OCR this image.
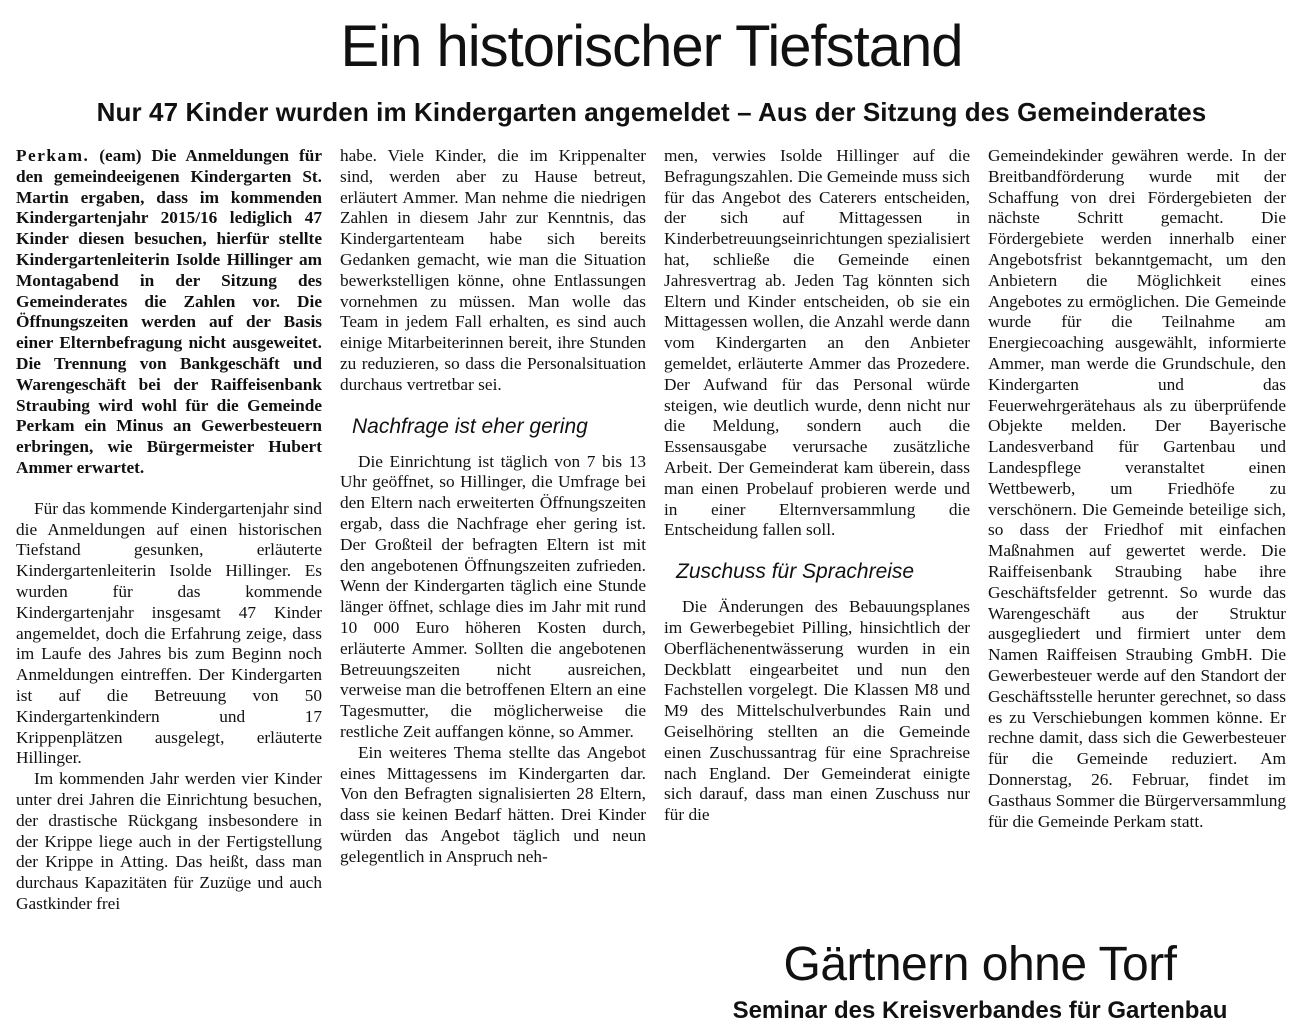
Ein historischer Tiefstand
Nur 47 Kinder wurden im Kindergarten angemeldet – Aus der Sitzung des Gemeinderates

Perkam. (eam) Die Anmeldungen für den gemeindeeigenen Kindergarten St. Martin ergaben, dass im kommenden Kindergartenjahr 2015/16 lediglich 47 Kinder diesen besuchen, hierfür stellte Kindergartenleiterin Isolde Hillinger am Montagabend in der Sitzung des Gemeinderates die Zahlen vor. Die Öffnungszeiten werden auf der Basis einer Elternbefragung nicht ausgeweitet. Die Trennung von Bankgeschäft und Warengeschäft bei der Raiffeisenbank Straubing wird wohl für die Gemeinde Perkam ein Minus an Gewerbesteuern erbringen, wie Bürgermeister Hubert Ammer erwartet.

Für das kommende Kindergartenjahr sind die Anmeldungen auf einen historischen Tiefstand gesunken, erläuterte Kindergartenleiterin Isolde Hillinger. Es wurden für das kommende Kindergartenjahr insgesamt 47 Kinder angemeldet, doch die Erfahrung zeige, dass im Laufe des Jahres bis zum Beginn noch Anmeldungen eintreffen. Der Kindergarten ist auf die Betreuung von 50 Kindergartenkindern und 17 Krippenplätzen ausgelegt, erläuterte Hillinger.

Im kommenden Jahr werden vier Kinder unter drei Jahren die Einrichtung besuchen, der drastische Rückgang insbesondere in der Krippe liege auch in der Fertigstellung der Krippe in Atting. Das heißt, dass man durchaus Kapazitäten für Zuzüge und auch Gastkinder frei

habe. Viele Kinder, die im Krippenalter sind, werden aber zu Hause betreut, erläutert Ammer. Man nehme die niedrigen Zahlen in diesem Jahr zur Kenntnis, das Kindergartenteam habe sich bereits Gedanken gemacht, wie man die Situation bewerkstelligen könne, ohne Entlassungen vornehmen zu müssen. Man wolle das Team in jedem Fall erhalten, es sind auch einige Mitarbeiterinnen bereit, ihre Stunden zu reduzieren, so dass die Personalsituation durchaus vertretbar sei.

Nachfrage ist eher gering

Die Einrichtung ist täglich von 7 bis 13 Uhr geöffnet, so Hillinger, die Umfrage bei den Eltern nach erweiterten Öffnungszeiten ergab, dass die Nachfrage eher gering ist. Der Großteil der befragten Eltern ist mit den angebotenen Öffnungszeiten zufrieden. Wenn der Kindergarten täglich eine Stunde länger öffnet, schlage dies im Jahr mit rund 10 000 Euro höheren Kosten durch, erläuterte Ammer. Sollten die angebotenen Betreuungszeiten nicht ausreichen, verweise man die betroffenen Eltern an eine Tagesmutter, die möglicherweise die restliche Zeit auffangen könne, so Ammer.

Ein weiteres Thema stellte das Angebot eines Mittagessens im Kindergarten dar. Von den Befragten signalisierten 28 Eltern, dass sie keinen Bedarf hätten. Drei Kinder würden das Angebot täglich und neun gelegentlich in Anspruch neh-

men, verwies Isolde Hillinger auf die Befragungszahlen. Die Gemeinde muss sich für das Angebot des Caterers entscheiden, der sich auf Mittagessen in Kinderbetreuungseinrichtungen spezialisiert hat, schließe die Gemeinde einen Jahresvertrag ab. Jeden Tag könnten sich Eltern und Kinder entscheiden, ob sie ein Mittagessen wollen, die Anzahl werde dann vom Kindergarten an den Anbieter gemeldet, erläuterte Ammer das Prozedere. Der Aufwand für das Personal würde steigen, wie deutlich wurde, denn nicht nur die Meldung, sondern auch die Essensausgabe verursache zusätzliche Arbeit. Der Gemeinderat kam überein, dass man einen Probelauf probieren werde und in einer Elternversammlung die Entscheidung fallen soll.

Zuschuss für Sprachreise

Die Änderungen des Bebauungsplanes im Gewerbegebiet Pilling, hinsichtlich der Oberflächenentwässerung wurden in ein Deckblatt eingearbeitet und nun den Fachstellen vorgelegt. Die Klassen M8 und M9 des Mittelschulverbundes Rain und Geiselhöring stellten an die Gemeinde einen Zuschussantrag für eine Sprachreise nach England. Der Gemeinderat einigte sich darauf, dass man einen Zuschuss nur für die

Gemeindekinder gewähren werde. In der Breitbandförderung wurde mit der Schaffung von drei Fördergebieten der nächste Schritt gemacht. Die Fördergebiete werden innerhalb einer Angebotsfrist bekanntgemacht, um den Anbietern die Möglichkeit eines Angebotes zu ermöglichen. Die Gemeinde wurde für die Teilnahme am Energiecoaching ausgewählt, informierte Ammer, man werde die Grundschule, den Kindergarten und das Feuerwehrgerätehaus als zu überprüfende Objekte melden. Der Bayerische Landesverband für Gartenbau und Landespflege veranstaltet einen Wettbewerb, um Friedhöfe zu verschönern. Die Gemeinde beteilige sich, so dass der Friedhof mit einfachen Maßnahmen auf gewertet werde. Die Raiffeisenbank Straubing habe ihre Geschäftsfelder getrennt. So wurde das Warengeschäft aus der Struktur ausgegliedert und firmiert unter dem Namen Raiffeisen Straubing GmbH. Die Gewerbesteuer werde auf den Standort der Geschäftsstelle herunter gerechnet, so dass es zu Verschiebungen kommen könne. Er rechne damit, dass sich die Gewerbesteuer für die Gemeinde reduziert. Am Donnerstag, 26. Februar, findet im Gasthaus Sommer die Bürgerversammlung für die Gemeinde Perkam statt.

Gärtnern ohne Torf
Seminar des Kreisverbandes für Gartenbau
